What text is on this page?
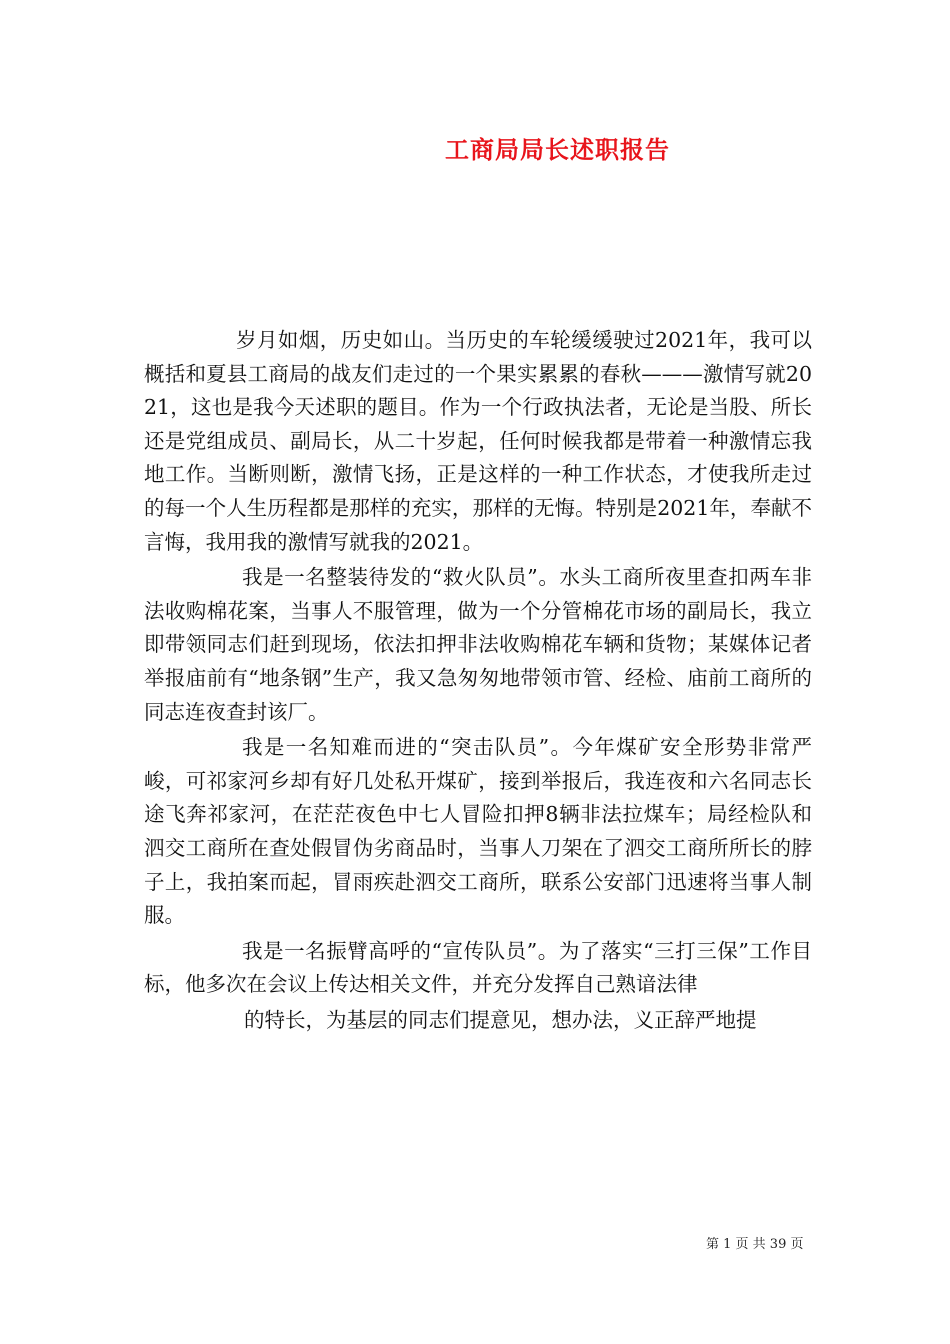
工商局局长述职报告

岁月如烟，历史如山。当历史的车轮缓缓驶过2021年，我可以概括和夏县工商局的战友们走过的一个果实累累的春秋———激情写就2021，这也是我今天述职的题目。作为一个行政执法者，无论是当股、所长还是党组成员、副局长，从二十岁起，任何时候我都是带着一种激情忘我地工作。当断则断，激情飞扬，正是这样的一种工作状态，才使我所走过的每一个人生历程都是那样的充实，那样的无悔。特别是2021年，奉献不言悔，我用我的激情写就我的2021。

我是一名整装待发的“救火队员”。水头工商所夜里查扣两车非法收购棉花案，当事人不服管理，做为一个分管棉花市场的副局长，我立即带领同志们赶到现场，依法扣押非法收购棉花车辆和货物；某媒体记者举报庙前有“地条钢”生产，我又急匆匆地带领市管、经检、庙前工商所的同志连夜查封该厂。

我是一名知难而进的“突击队员”。今年煤矿安全形势非常严峻，可祁家河乡却有好几处私开煤矿，接到举报后，我连夜和六名同志长途飞奔祁家河，在茫茫夜色中七人冒险扣押8辆非法拉煤车；局经检队和泗交工商所在查处假冒伪劣商品时，当事人刀架在了泗交工商所所长的脖子上，我拍案而起，冒雨疾赴泗交工商所，联系公安部门迅速将当事人制服。

我是一名振臂高呼的“宣传队员”。为了落实“三打三保”工作目标，他多次在会议上传达相关文件，并充分发挥自己熟谙法律

的特长，为基层的同志们提意见，想办法，义正辞严地提

第 1 页 共 39 页
